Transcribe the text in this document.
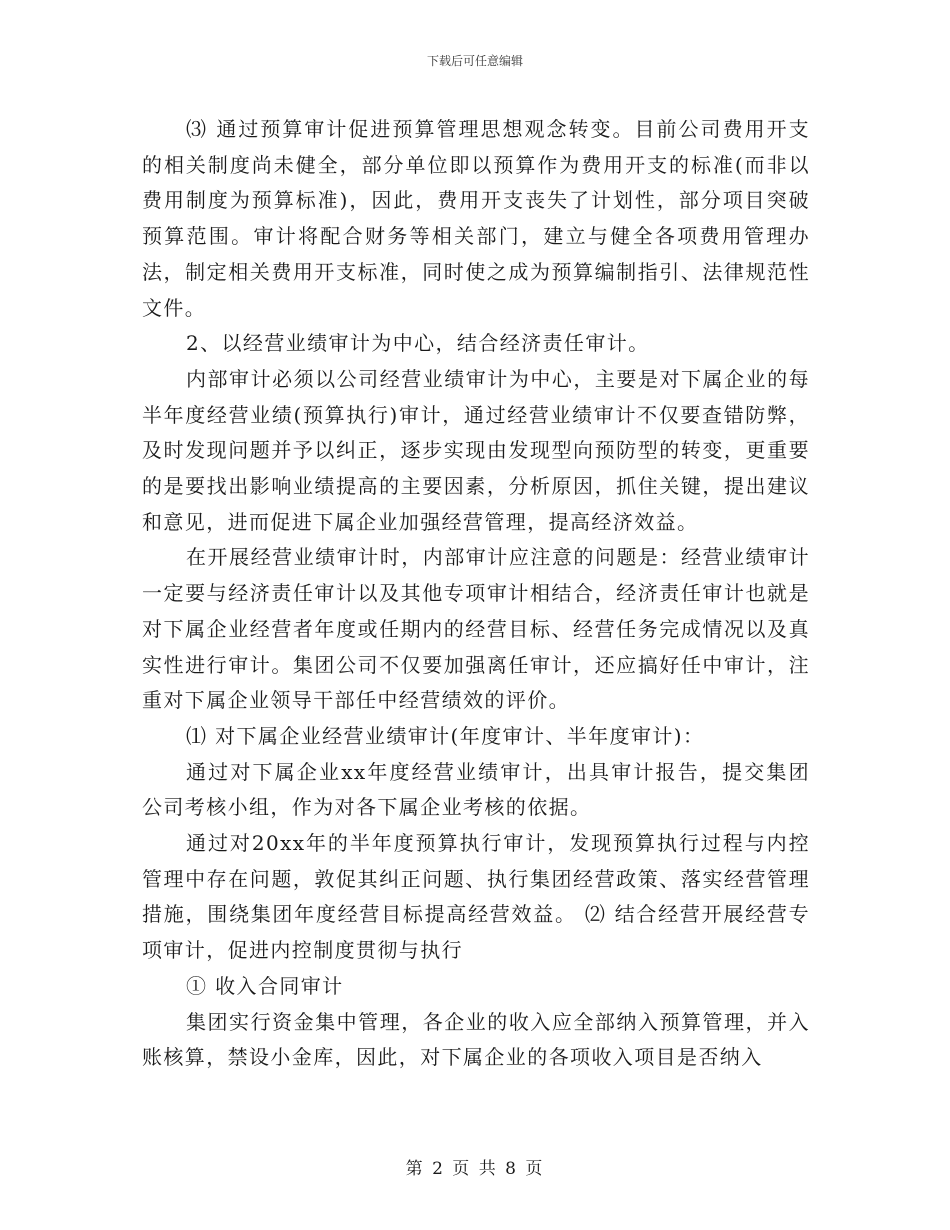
下载后可任意编辑

⑶ 通过预算审计促进预算管理思想观念转变。目前公司费用开支的相关制度尚未健全，部分单位即以预算作为费用开支的标准(而非以费用制度为预算标准)，因此，费用开支丧失了计划性，部分项目突破预算范围。审计将配合财务等相关部门，建立与健全各项费用管理办法，制定相关费用开支标准，同时使之成为预算编制指引、法律规范性文件。

2、以经营业绩审计为中心，结合经济责任审计。

内部审计必须以公司经营业绩审计为中心，主要是对下属企业的每半年度经营业绩(预算执行)审计，通过经营业绩审计不仅要查错防弊，及时发现问题并予以纠正，逐步实现由发现型向预防型的转变，更重要的是要找出影响业绩提高的主要因素，分析原因，抓住关键，提出建议和意见，进而促进下属企业加强经营管理，提高经济效益。

在开展经营业绩审计时，内部审计应注意的问题是：经营业绩审计一定要与经济责任审计以及其他专项审计相结合，经济责任审计也就是对下属企业经营者年度或任期内的经营目标、经营任务完成情况以及真实性进行审计。集团公司不仅要加强离任审计，还应搞好任中审计，注重对下属企业领导干部任中经营绩效的评价。

⑴ 对下属企业经营业绩审计(年度审计、半年度审计)：

通过对下属企业xx年度经营业绩审计，出具审计报告，提交集团公司考核小组，作为对各下属企业考核的依据。

通过对20xx年的半年度预算执行审计，发现预算执行过程与内控管理中存在问题，敦促其纠正问题、执行集团经营政策、落实经营管理措施，围绕集团年度经营目标提高经营效益。 ⑵ 结合经营开展经营专项审计，促进内控制度贯彻与执行

① 收入合同审计

集团实行资金集中管理，各企业的收入应全部纳入预算管理，并入账核算，禁设小金库，因此，对下属企业的各项收入项目是否纳入

第 2 页 共 8 页
